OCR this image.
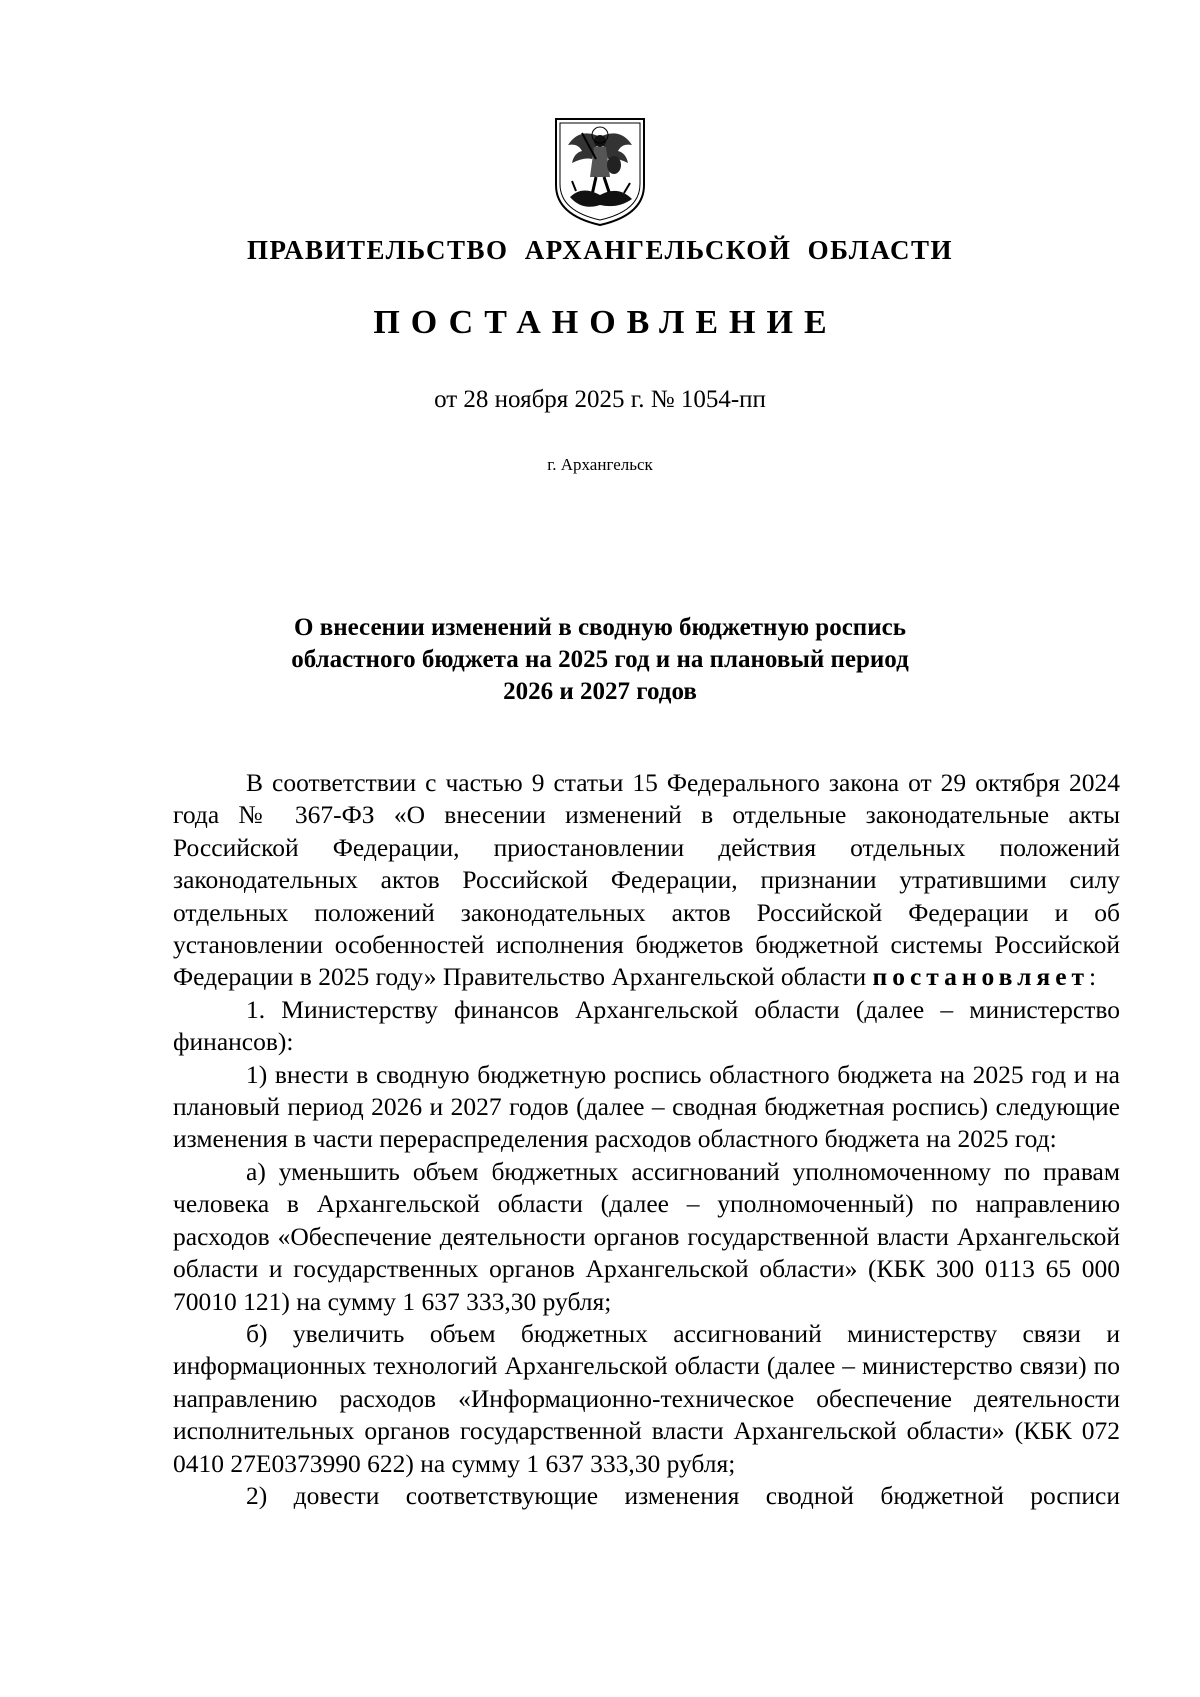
ПРАВИТЕЛЬСТВО АРХАНГЕЛЬСКОЙ ОБЛАСТИ
ПОСТАНОВЛЕНИЕ
от 28 ноября 2025 г. № 1054-пп
г. Архангельск
О внесении изменений в сводную бюджетную роспись
областного бюджета на 2025 год и на плановый период
2026 и 2027 годов

В соответствии с частью 9 статьи 15 Федерального закона от 29 октября 2024 года № 367-ФЗ «О внесении изменений в отдельные законодательные акты Российской Федерации, приостановлении действия отдельных положений законодательных актов Российской Федерации, признании утратившими силу отдельных положений законодательных актов Российской Федерации и об установлении особенностей исполнения бюджетов бюджетной системы Российской Федерации в 2025 году» Правительство Архангельской области постановляет:

1. Министерству финансов Архангельской области (далее – министерство финансов):

1) внести в сводную бюджетную роспись областного бюджета на 2025 год и на плановый период 2026 и 2027 годов (далее – сводная бюджетная роспись) следующие изменения в части перераспределения расходов областного бюджета на 2025 год:

а) уменьшить объем бюджетных ассигнований уполномоченному по правам человека в Архангельской области (далее – уполномоченный) по направлению расходов «Обеспечение деятельности органов государственной власти Архангельской области и государственных органов Архангельской области» (КБК 300 0113 65 000 70010 121) на сумму 1 637 333,30 рубля;

б) увеличить объем бюджетных ассигнований министерству связи и информационных технологий Архангельской области (далее – министерство связи) по направлению расходов «Информационно-техническое обеспечение деятельности исполнительных органов государственной власти Архангельской области» (КБК 072 0410 27Е0373990 622) на сумму 1 637 333,30 рубля;

2) довести соответствующие изменения сводной бюджетной росписи
